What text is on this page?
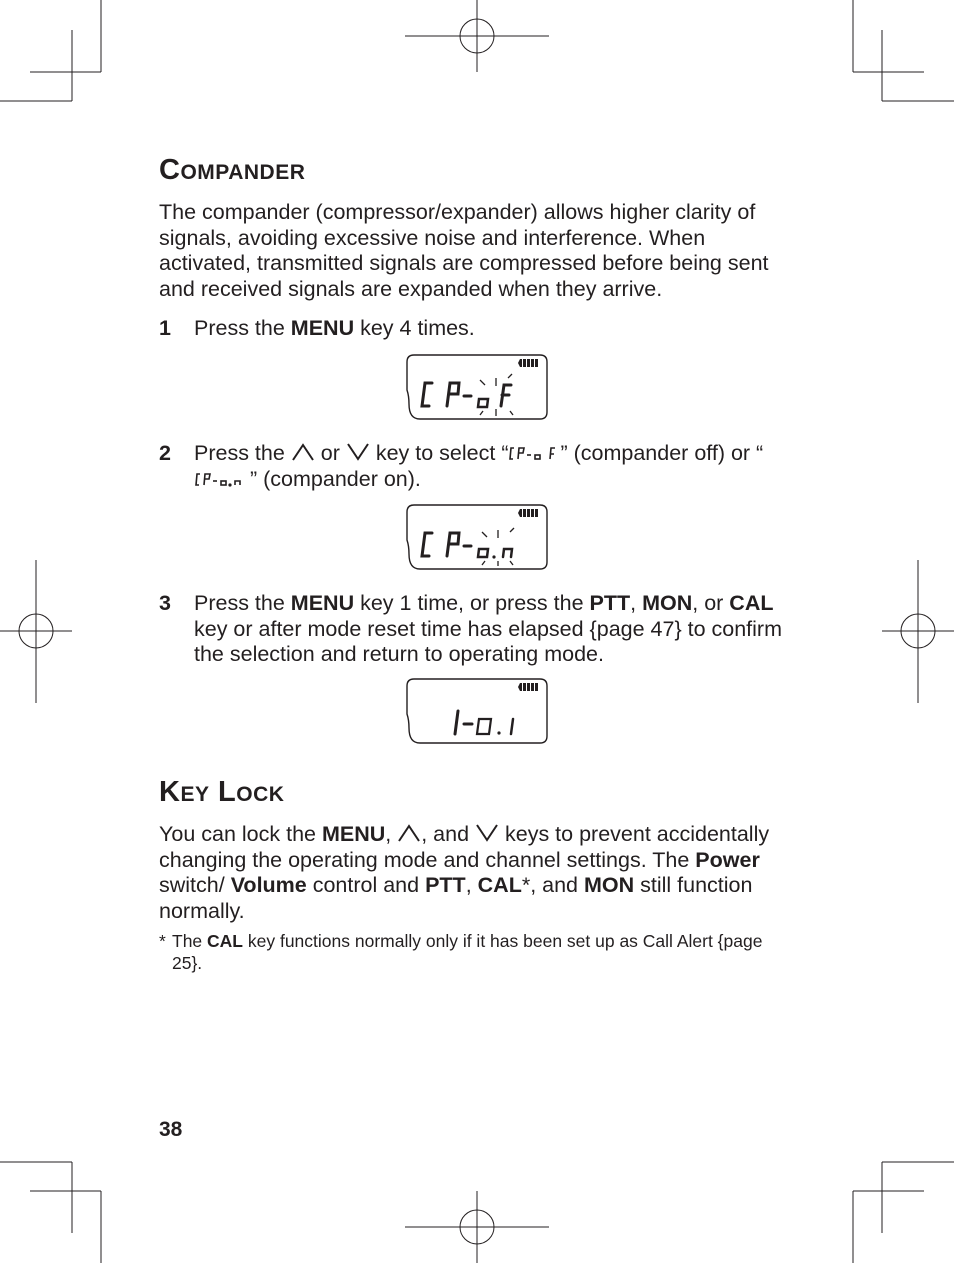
COMPANDER
The compander (compressor/expander) allows higher clarity of signals, avoiding excessive noise and interference. When activated, transmitted signals are compressed before being sent and received signals are expanded when they arrive.
1 Press the MENU key 4 times.
2 Press the  or  key to select “ ” (compander off) or “” (compander on).
3 Press the MENU key 1 time, or press the PTT, MON, or CAL key or after mode reset time has elapsed {page 47} to confirm the selection and return to operating mode.
KEY LOCK
You can lock the MENU, , and  keys to prevent accidentally changing the operating mode and channel settings. The Power switch/ Volume control and PTT, CAL*, and MON still function normally.
* The CAL key functions normally only if it has been set up as Call Alert {page 25}.
38
